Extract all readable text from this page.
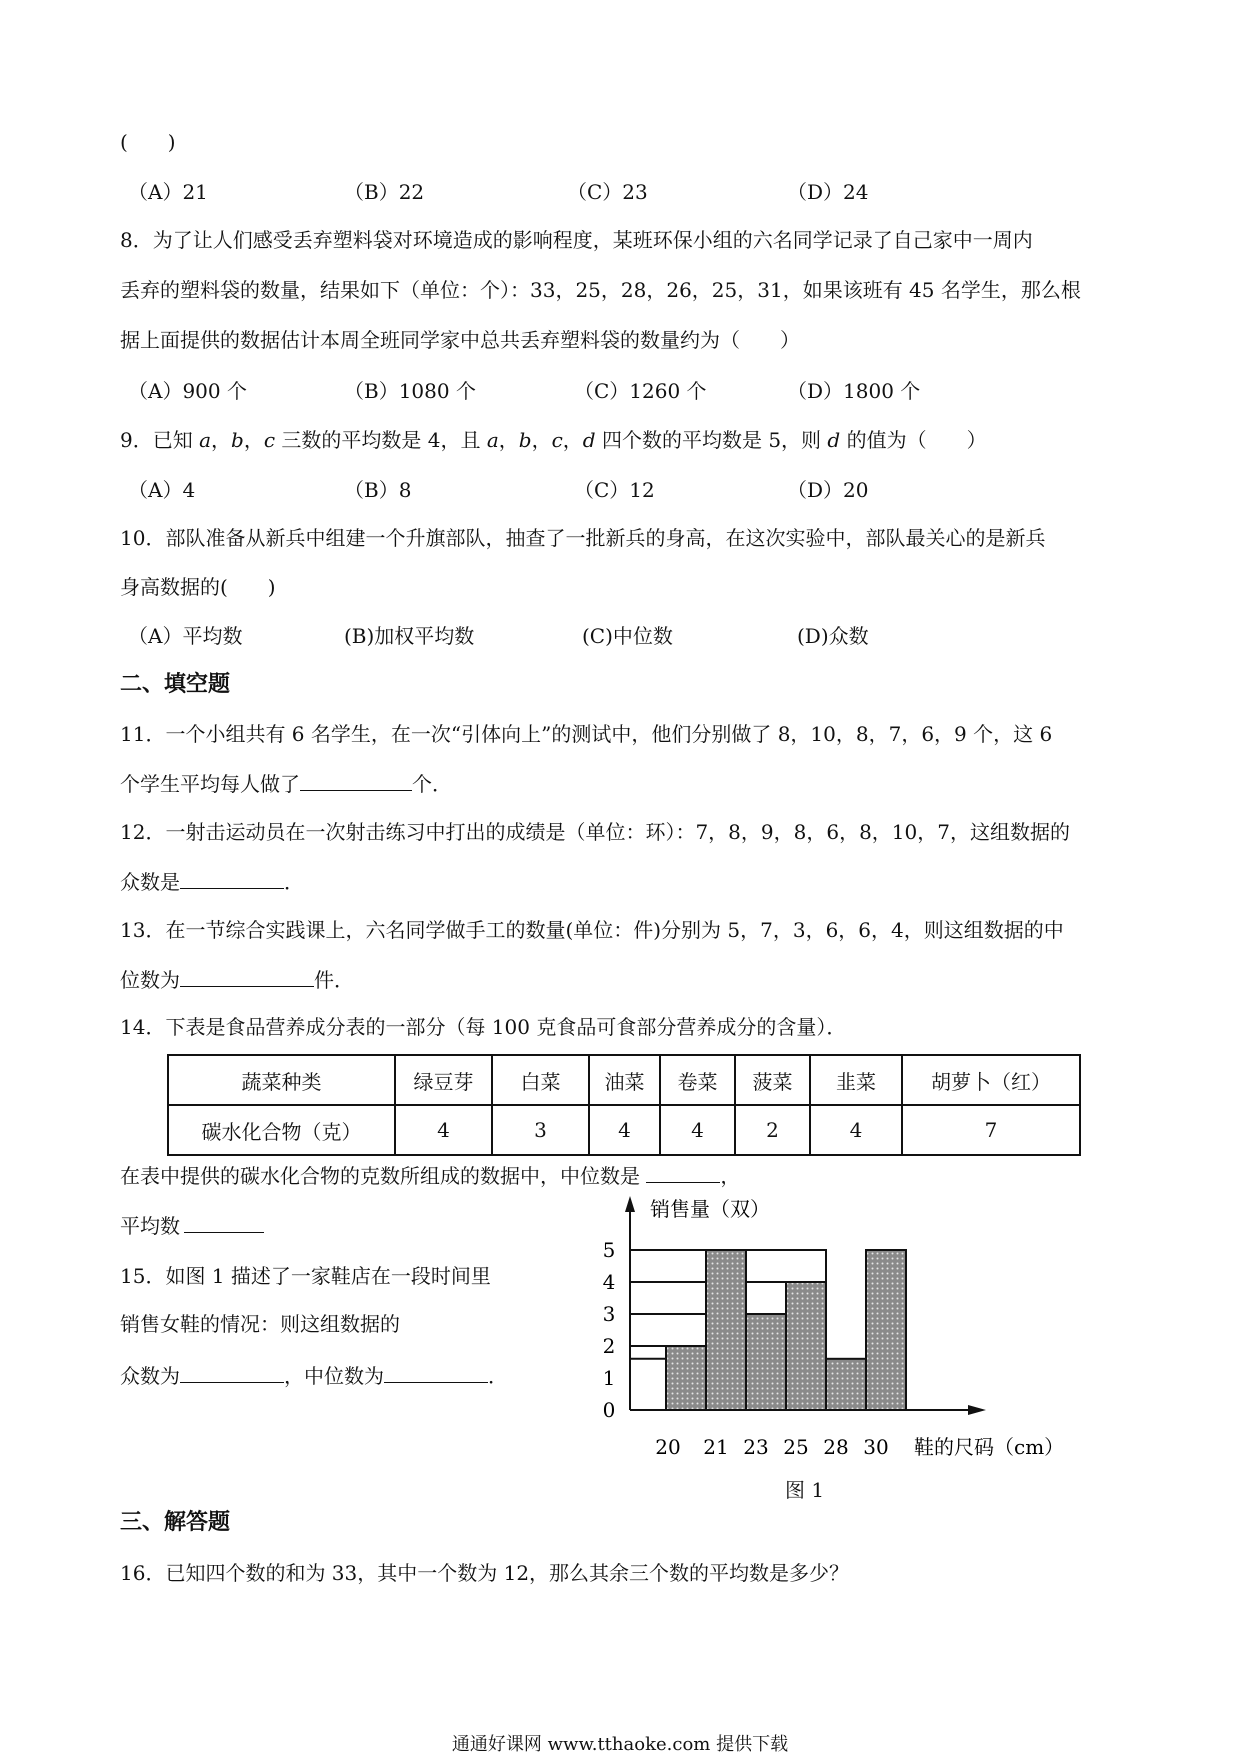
(　　)
（A）21	（B）22	（C）23	（D）24
8．为了让人们感受丢弃塑料袋对环境造成的影响程度，某班环保小组的六名同学记录了自己家中一周内
丢弃的塑料袋的数量，结果如下（单位：个）：33，25，28，26，25，31，如果该班有 45 名学生，那么根
据上面提供的数据估计本周全班同学家中总共丢弃塑料袋的数量约为（　　）
（A）900 个	（B）1080 个	（C）1260 个	（D）1800 个
9．已知 a，b，c 三数的平均数是 4，且 a，b，c，d 四个数的平均数是 5，则 d 的值为（　　）
（A）4	（B）8	（C）12	（D）20
10．部队准备从新兵中组建一个升旗部队，抽查了一批新兵的身高，在这次实验中，部队最关心的是新兵
身高数据的(　　)
（A）平均数	(B)加权平均数	(C)中位数	(D)众数
二、填空题
11．一个小组共有 6 名学生，在一次“引体向上”的测试中，他们分别做了 8，10，8，7，6，9 个，这 6
个学生平均每人做了	个．
12．一射击运动员在一次射击练习中打出的成绩是（单位：环）：7，8，9，8，6，8，10，7，这组数据的
众数是	．
13．在一节综合实践课上，六名同学做手工的数量(单位：件)分别为 5，7，3，6，6，4，则这组数据的中
位数为	件．
14．下表是食品营养成分表的一部分（每 100 克食品可食部分营养成分的含量）．
蔬菜种类	绿豆芽	白菜	油菜	卷菜	菠菜	韭菜	胡萝卜（红）
碳水化合物（克）	4	3	4	4	2	4	7
在表中提供的碳水化合物的克数所组成的数据中，中位数是	，
平均数
15．如图 1 描述了一家鞋店在一段时间里
销售女鞋的情况：则这组数据的
众数为	，中位数为	．
0
1
2
3
4
5
20 21 23 25 28 30
销售量（双）
鞋的尺码（cm）
图 1
三、解答题
16．已知四个数的和为 33，其中一个数为 12，那么其余三个数的平均数是多少？
通通好课网 www.tthaoke.com 提供下载
